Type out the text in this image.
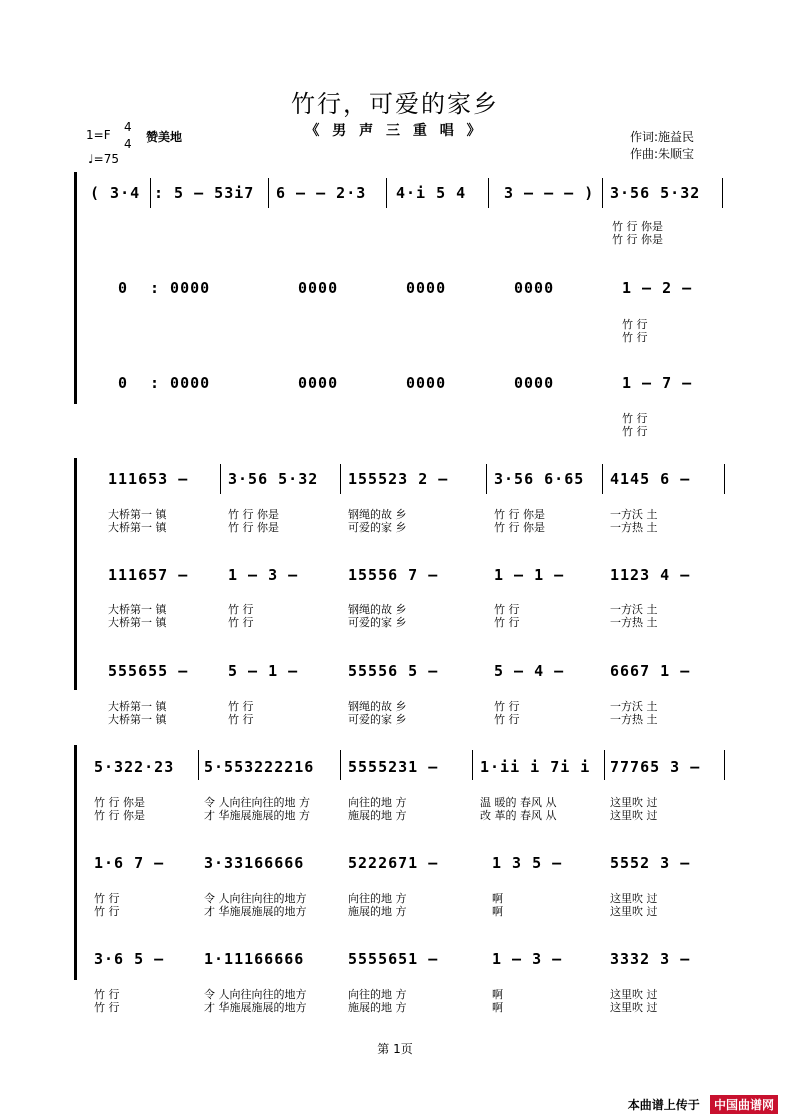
竹行，可爱的家乡
《 男 声 三 重 唱 》
1=F
4
4 赞美地
♩=75
作词:施益民
作曲:朱顺宝
( 3·4 : 5 – 53i7 6 – – 2·3 4·i 5 4	3 – – – ) 3·56 5·32
竹 行 你是
竹 行 你是
0 : 0000	0000	0000	0000	1 – 2 –
竹 行
竹 行
0 : 0000	0000	0000	0000	1 – 7 –
竹 行
竹 行
111653 –	3·56 5·32 155523 2 –	3·56 6·65 4145 6 –
大桥第一 镇
大桥第一 镇
竹 行 你是
竹 行 你是
钢绳的故 乡
可爱的家 乡
竹 行 你是
竹 行 你是
一方沃 土
一方热 土
111657 –	1 – 3 –	15556 7 –	1 – 1 –	1123 4 –
大桥第一 镇
大桥第一 镇
竹 行
竹 行
钢绳的故 乡
可爱的家 乡
竹 行
竹 行
一方沃 土
一方热 土
555655 –	5 – 1 –	55556 5 –	5 – 4 –	6667 1 –
大桥第一 镇
大桥第一 镇
竹 行
竹 行
钢绳的故 乡
可爱的家 乡
竹 行
竹 行
一方沃 土
一方热 土
5·322·23 5·553222216 5555231 –	1·ii i 7i i 77765 3 –
竹 行 你是
竹 行 你是
令 人向往向往的地 方
才 华施展施展的地 方
向往的地 方
施展的地 方
温 暖的 春风 从
改 革的 春风 从
这里吹 过
这里吹 过
1·6 7 –	3·33166666	5222671 –	1 3 5 –	5552 3 –
竹 行
竹 行
令 人向往向往的地方
才 华施展施展的地方
向往的地 方
施展的地 方
啊
啊
这里吹 过
这里吹 过
3·6 5 –	1·11166666	5555651 –	1 – 3 –	3332 3 –
竹 行
竹 行
令 人向往向往的地方
才 华施展施展的地方
向往的地 方
施展的地 方
啊
啊
这里吹 过
这里吹 过
第 1页
本曲谱上传于 中国曲谱网
